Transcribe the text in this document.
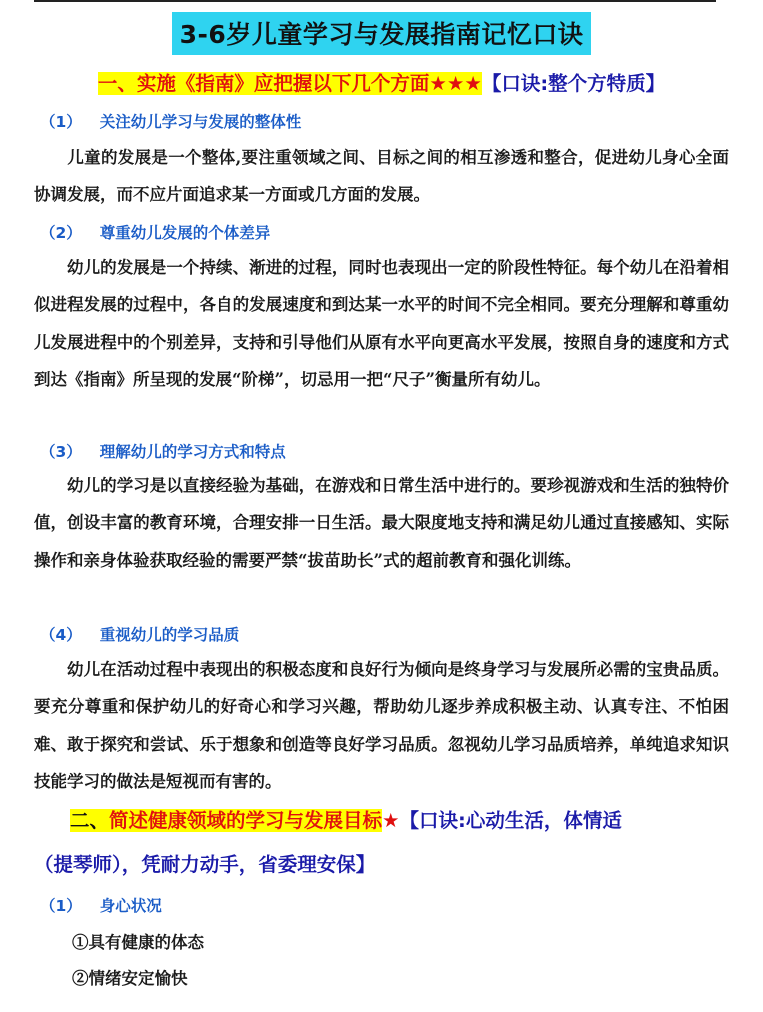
3-6岁儿童学习与发展指南记忆口诀
一、实施《指南》应把握以下几个方面★★★【口诀:整个方特质】
（1） 关注幼儿学习与发展的整体性
儿童的发展是一个整体,要注重领域之间、目标之间的相互渗透和整合，促进幼儿身心全面协调发展，而不应片面追求某一方面或几方面的发展。
（2） 尊重幼儿发展的个体差异
幼儿的发展是一个持续、渐进的过程，同时也表现出一定的阶段性特征。每个幼儿在沿着相似进程发展的过程中，各自的发展速度和到达某一水平的时间不完全相同。要充分理解和尊重幼儿发展进程中的个别差异，支持和引导他们从原有水平向更高水平发展，按照自身的速度和方式到达《指南》所呈现的发展“阶梯”，切忌用一把“尺子”衡量所有幼儿。
（3） 理解幼儿的学习方式和特点
幼儿的学习是以直接经验为基础，在游戏和日常生活中进行的。要珍视游戏和生活的独特价值，创设丰富的教育环境，合理安排一日生活。最大限度地支持和满足幼儿通过直接感知、实际操作和亲身体验获取经验的需要严禁“拔苗助长”式的超前教育和强化训练。
（4） 重视幼儿的学习品质
幼儿在活动过程中表现出的积极态度和良好行为倾向是终身学习与发展所必需的宝贵品质。要充分尊重和保护幼儿的好奇心和学习兴趣，帮助幼儿逐步养成积极主动、认真专注、不怕困难、敢于探究和尝试、乐于想象和创造等良好学习品质。忽视幼儿学习品质培养，单纯追求知识技能学习的做法是短视而有害的。
二、简述健康领域的学习与发展目标★【口诀:心动生活，体情适
（提琴师），凭耐力动手，省委理安保】
（1） 身心状况
①具有健康的体态
②情绪安定愉快
